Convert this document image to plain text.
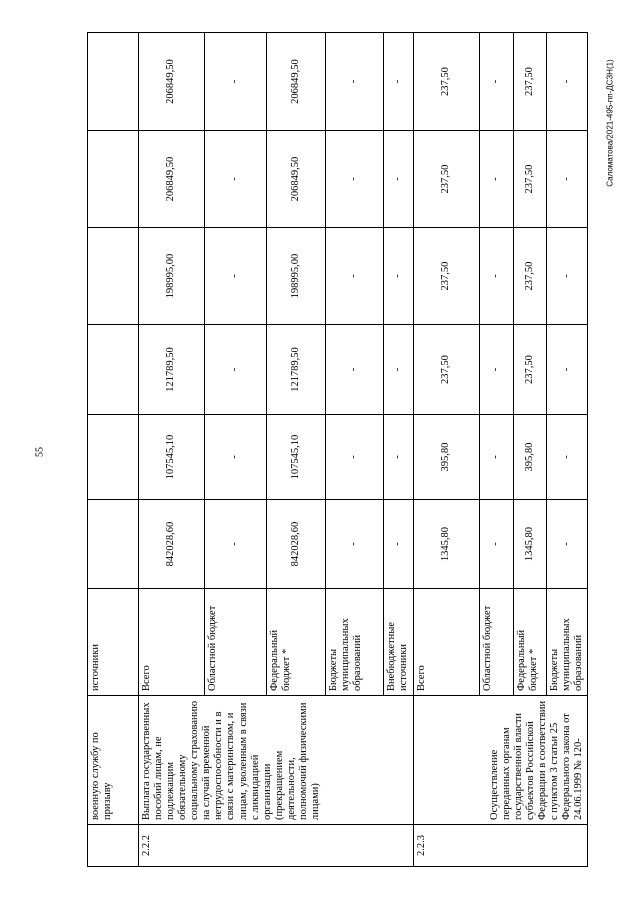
55
Саломатова/2021-495-пп-ДСЗН(1)
	военную службу по призыву	источники						
2.2.2	Выплата государственных пособий лицам, не подлежащим обязательному социальному страхованию на случай временной нетрудоспособности и в связи с материнством, и лицам, уволенным в связи с ликвидацией организации (прекращением деятельности, полномочий физическими лицами)	Всего	842028,60	107545,10	121789,50	198995,00	206849,50	206849,50
		Областной бюджет	-	-	-	-	-	-
		Федеральный бюджет *	842028,60	107545,10	121789,50	198995,00	206849,50	206849,50
		Бюджеты муниципальных образований	-	-	-	-	-	-
		Внебюджетные источники	-	-	-	-	-	-
2.2.3	Осуществление переданных органам государственной власти субъектов Российской Федерации в соответствии с пунктом 3 статьи 25 Федерального закона от 24.06.1999 № 120-	Всего	1345,80	395,80	237,50	237,50	237,50	237,50
		Областной бюджет	-	-	-	-	-	-
		Федеральный бюджет *	1345,80	395,80	237,50	237,50	237,50	237,50
		Бюджеты муниципальных образований	-	-	-	-	-	-
